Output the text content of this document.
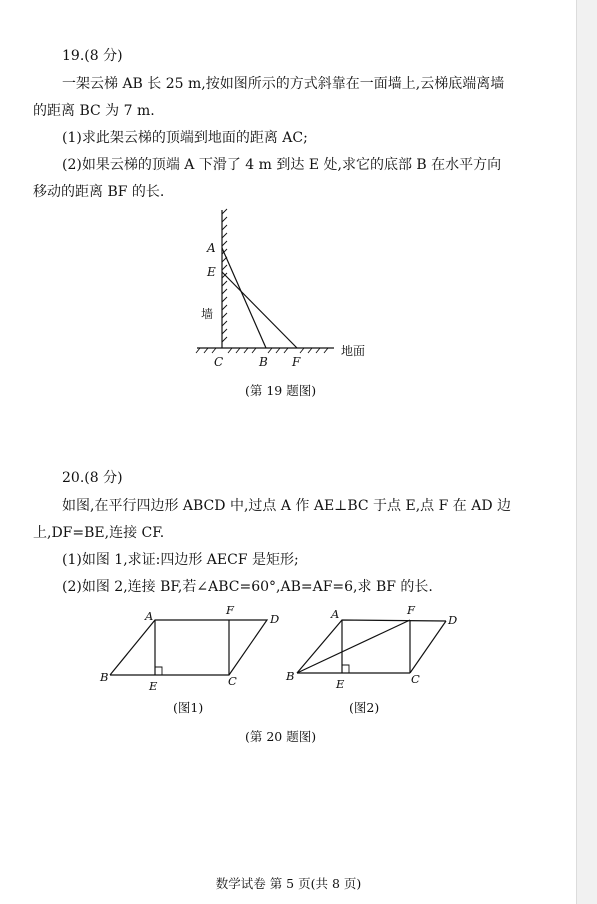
19.(8 分)
一架云梯 AB 长 25 m,按如图所示的方式斜靠在一面墙上,云梯底端离墙
的距离 BC 为 7 m.
(1)求此架云梯的顶端到地面的距离 AC;
(2)如果云梯的顶端 A 下滑了 4 m 到达 E 处,求它的底部 B 在水平方向
移动的距离 BF 的长.
A
E
墙
C	B F
地面
(第 19 题图)
20.(8 分)
如图,在平行四边形 ABCD 中,过点 A 作 AE⊥BC 于点 E,点 F 在 AD 边
上,DF=BE,连接 CF.
(1)如图 1,求证:四边形 AECF 是矩形;
(2)如图 2,连接 BF,若∠ABC=60°,AB=AF=6,求 BF 的长.
A	F
D
B
E	C
A	F
D
B
E	C
(图1)	(图2)
(第 20 题图)
数学试卷 第 5 页(共 8 页)
